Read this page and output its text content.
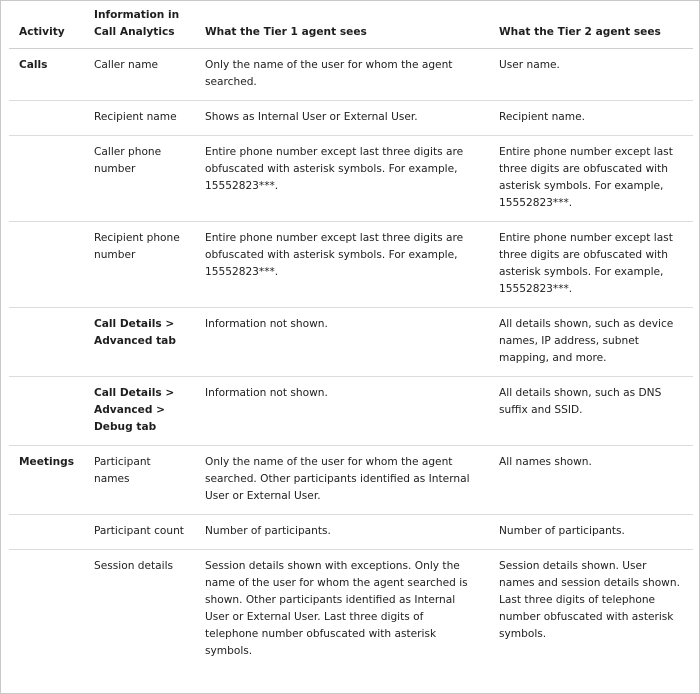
Activity	Information in Call Analytics	What the Tier 1 agent sees	What the Tier 2 agent sees
Calls	Caller name	Only the name of the user for whom the agent searched.	User name.
	Recipient name	Shows as Internal User or External User.	Recipient name.
	Caller phone number	Entire phone number except last three digits are obfuscated with asterisk symbols. For example, 15552823***.	Entire phone number except last three digits are obfuscated with asterisk symbols. For example, 15552823***.
	Recipient phone number	Entire phone number except last three digits are obfuscated with asterisk symbols. For example, 15552823***.	Entire phone number except last three digits are obfuscated with asterisk symbols. For example, 15552823***.
	Call Details > Advanced tab	Information not shown.	All details shown, such as device names, IP address, subnet mapping, and more.
	Call Details > Advanced > Debug tab	Information not shown.	All details shown, such as DNS suffix and SSID.
Meetings	Participant names	Only the name of the user for whom the agent searched. Other participants identified as Internal User or External User.	All names shown.
	Participant count	Number of participants.	Number of participants.
	Session details	Session details shown with exceptions. Only the name of the user for whom the agent searched is shown. Other participants identified as Internal User or External User. Last three digits of telephone number obfuscated with asterisk symbols.	Session details shown. User names and session details shown. Last three digits of telephone number obfuscated with asterisk symbols.
